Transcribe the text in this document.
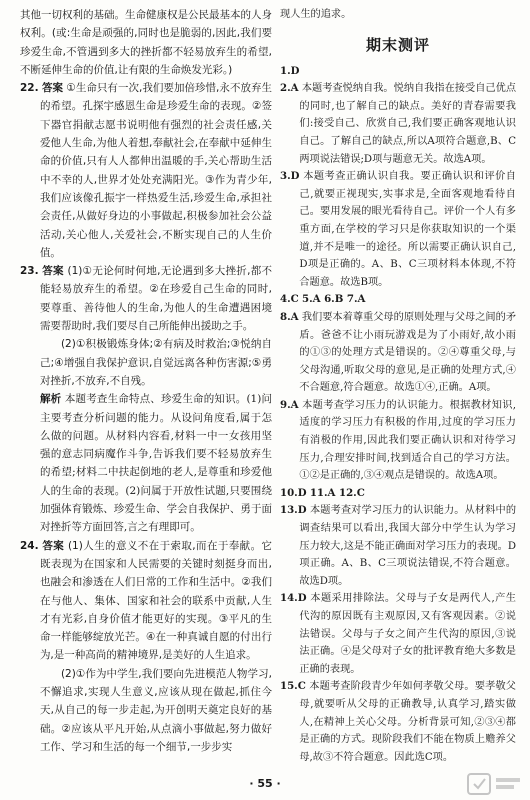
其他一切权利的基础。生命健康权是公民最基本的人身权利。(或:生命是顽强的,同时也是脆弱的,因此,我们要珍爱生命,不管遇到多大的挫折都不轻易放弃生的希望,不断延伸生命的价值,让有限的生命焕发光彩。)

22. 答案 ①生命只有一次,我们要加倍珍惜,永不放弃生的希望。孔探宇感恩生命是珍爱生命的表现。②签下器官捐献志愿书说明他有强烈的社会责任感,关爱他人生命,为他人着想,奉献社会,在奉献中延伸生命的价值,只有人人都伸出温暖的手,关心帮助生活中不幸的人,世界才处处充满阳光。③作为青少年,我们应该像孔振宇一样热爱生活,珍爱生命,承担社会责任,从做好身边的小事做起,积极参加社会公益活动,关心他人,关爱社会,不断实现自己的人生价值。

23. 答案 (1)①无论何时何地,无论遇到多大挫折,都不能轻易放弃生的希望。②在珍爱自己生命的同时,要尊重、善待他人的生命,为他人的生命遭遇困境需要帮助时,我们要尽自己所能伸出援助之手。

(2)①积极锻炼身体;②有病及时救治;③悦纳自己;④增强自我保护意识,自觉远离各种伤害源;⑤勇对挫折,不放弃,不自残。

解析 本题考查生命特点、珍爱生命的知识。(1)问主要考查分析问题的能力。从设问角度看,属于怎么做的问题。从材料内容看,材料一中一女孩用坚强的意志同病魔作斗争,告诉我们要不轻易放弃生的希望;材料二中扶起倒地的老人,是尊重和珍爱他人的生命的表现。(2)问属于开放性试题,只要围绕加强体育锻炼、珍爱生命、学会自我保护、勇于面对挫折等方面回答,言之有理即可。

24. 答案 (1)人生的意义不在于索取,而在于奉献。它既表现为在国家和人民需要的关键时刻挺身而出,也融会和渗透在人们日常的工作和生活中。②我们在与他人、集体、国家和社会的联系中贡献,人生才有光彩,自身价值才能更好的实现。③平凡的生命一样能够绽放光芒。④在一种真诚自愿的付出行为,是一种高尚的精神境界,是美好的人生追求。

(2)①作为中学生,我们要向先进模范人物学习,不懈追求,实现人生意义,应该从现在做起,抓住今天,从自己的每一步走起,为开创明天奠定良好的基础。②应该从平凡开始,从点滴小事做起,努力做好工作、学习和生活的每一个细节,一步步实

现人生的追求。

期末测评

1.D

2.A 本题考查悦纳自我。悦纳自我指在接受自己优点的同时,也了解自己的缺点。美好的青春需要我们:接受自己、欣赏自己,我们要正确客观地认识自己。了解自己的缺点,所以A项符合题意,B、C两项说法错误;D项与题意无关。故选A项。

3.D 本题考查正确认识自我。要正确认识和评价自己,就要正视现实,实事求是,全面客观地看待自己。要用发展的眼光看待自己。评价一个人有多重方面,在学校的学习只是你获取知识的一个渠道,并不是唯一的途径。所以需要正确认识自己,D项是正确的。A、B、C三项材料本体现,不符合题意。故选B项。

4.C 5.A 6.B 7.A

8.A 我们要本着尊重父母的原则处理与父母之间的矛盾。爸爸不让小雨玩游戏是为了小雨好,故小雨的①③的处理方式是错误的。②④尊重父母,与父母沟通,听取父母的意见,是正确的处理方式,④不合题意,符合题意。故选①④,正确。A项。

9.A 本题考查学习压力的认识能力。根据教材知识,适度的学习压力有积极的作用,过度的学习压力有消极的作用,因此我们要正确认识和对待学习压力,合理安排时间,找到适合自己的学习方法。①②是正确的,③④观点是错误的。故选A项。

10.D 11.A 12.C

13.D 本题考查对学习压力的认识能力。从材料中的调查结果可以看出,我国大部分中学生认为学习压力较大,这是不能正确面对学习压力的表现。D项正确。A、B、C三项说法错误,不符合题意。故选D项。

14.D 本题采用排除法。父母与子女是两代人,产生代沟的原因既有主观原因,又有客观因素。②说法错误。父母与子女之间产生代沟的原因,③说法正确。④是父母对子女的批评教育绝大多数是正确的表现。

15.C 本题考查阶段青少年如何孝敬父母。要孝敬父母,就要听从父母的正确教导,认真学习,踏实做人,在精神上关心父母。分析背景可知,②③④都是正确的方式。现阶段我们不能在物质上赡养父母,故③不符合题意。因此选C项。

· 55 ·
